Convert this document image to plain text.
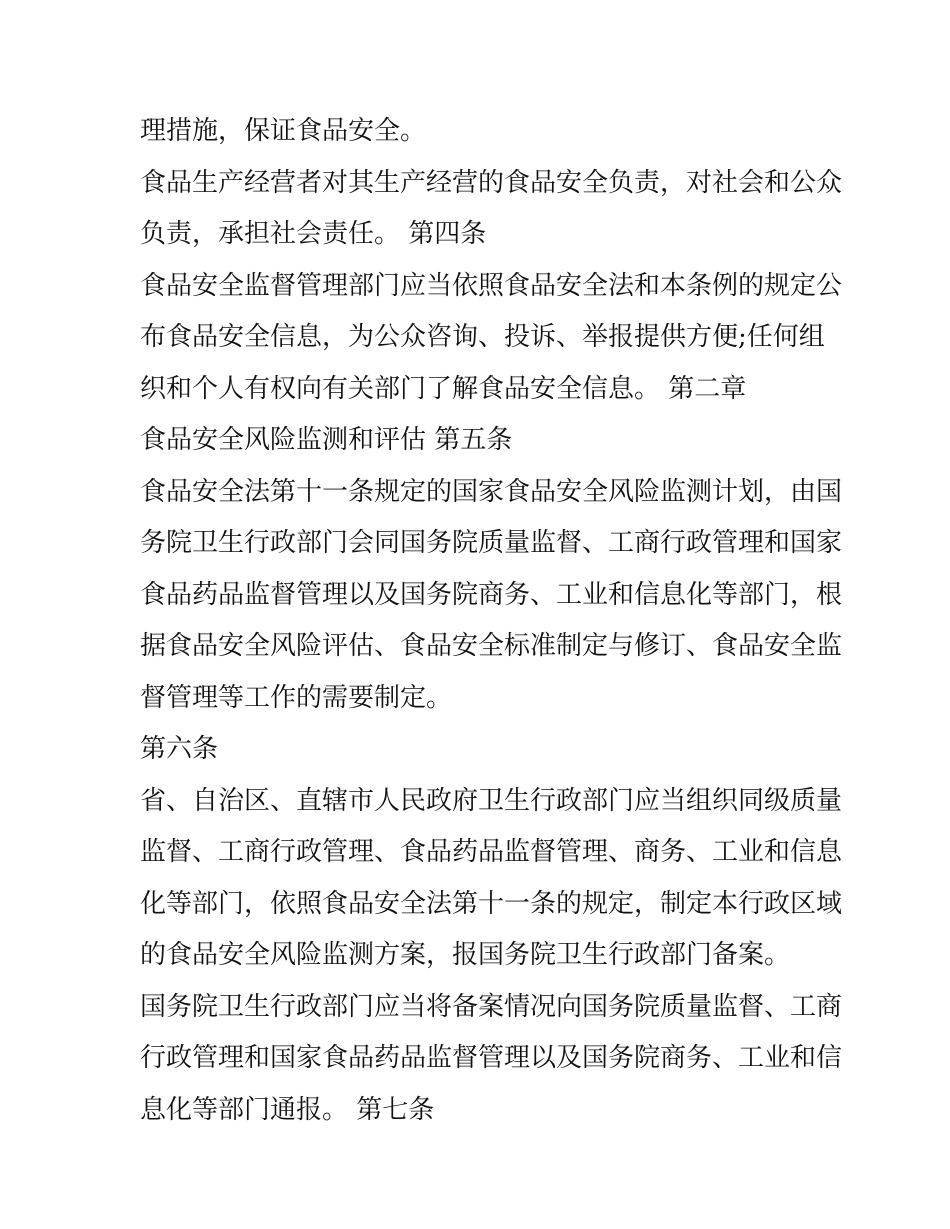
理措施，保证食品安全。
食品生产经营者对其生产经营的食品安全负责，对社会和公众
负责，承担社会责任。 第四条
食品安全监督管理部门应当依照食品安全法和本条例的规定公
布食品安全信息，为公众咨询、投诉、举报提供方便;任何组
织和个人有权向有关部门了解食品安全信息。 第二章
食品安全风险监测和评估 第五条
食品安全法第十一条规定的国家食品安全风险监测计划，由国
务院卫生行政部门会同国务院质量监督、工商行政管理和国家
食品药品监督管理以及国务院商务、工业和信息化等部门，根
据食品安全风险评估、食品安全标准制定与修订、食品安全监
督管理等工作的需要制定。
第六条
省、自治区、直辖市人民政府卫生行政部门应当组织同级质量
监督、工商行政管理、食品药品监督管理、商务、工业和信息
化等部门，依照食品安全法第十一条的规定，制定本行政区域
的食品安全风险监测方案，报国务院卫生行政部门备案。
国务院卫生行政部门应当将备案情况向国务院质量监督、工商
行政管理和国家食品药品监督管理以及国务院商务、工业和信
息化等部门通报。 第七条
